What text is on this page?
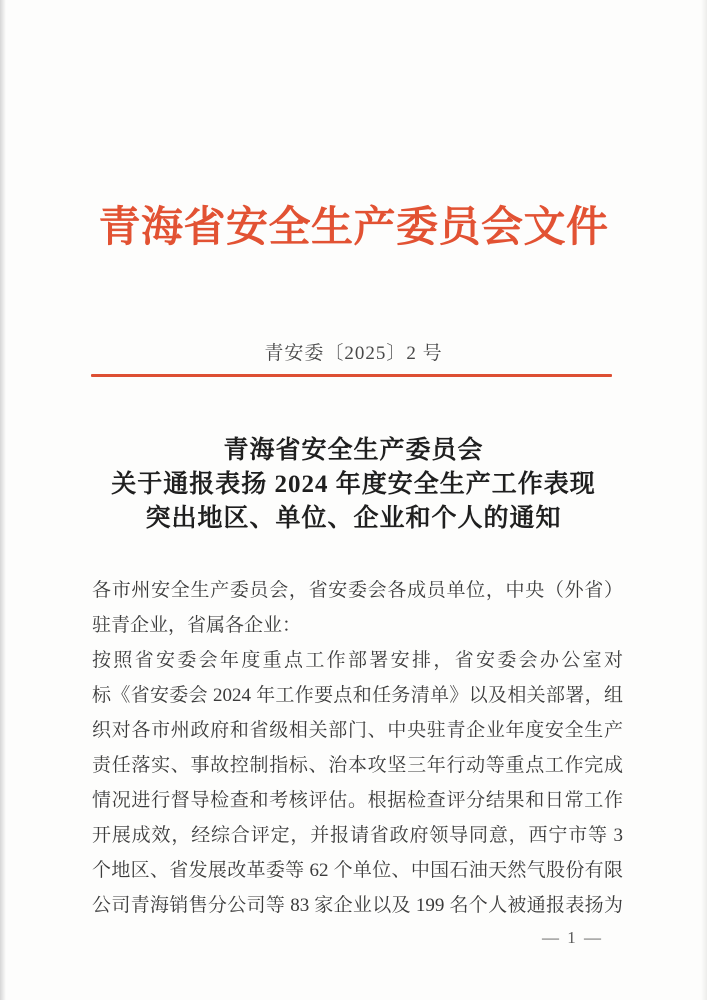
青海省安全生产委员会文件
青安委〔2025〕2 号
青海省安全生产委员会
关于通报表扬 2024 年度安全生产工作表现
突出地区、单位、企业和个人的通知
各市州安全生产委员会，省安委会各成员单位，中央（外省）
驻青企业，省属各企业：
按照省安委会年度重点工作部署安排，省安委会办公室对
标《省安委会 2024 年工作要点和任务清单》以及相关部署，组
织对各市州政府和省级相关部门、中央驻青企业年度安全生产
责任落实、事故控制指标、治本攻坚三年行动等重点工作完成
情况进行督导检查和考核评估。根据检查评分结果和日常工作
开展成效，经综合评定，并报请省政府领导同意，西宁市等 3
个地区、省发展改革委等 62 个单位、中国石油天然气股份有限
公司青海销售分公司等 83 家企业以及 199 名个人被通报表扬为
— 1 —
